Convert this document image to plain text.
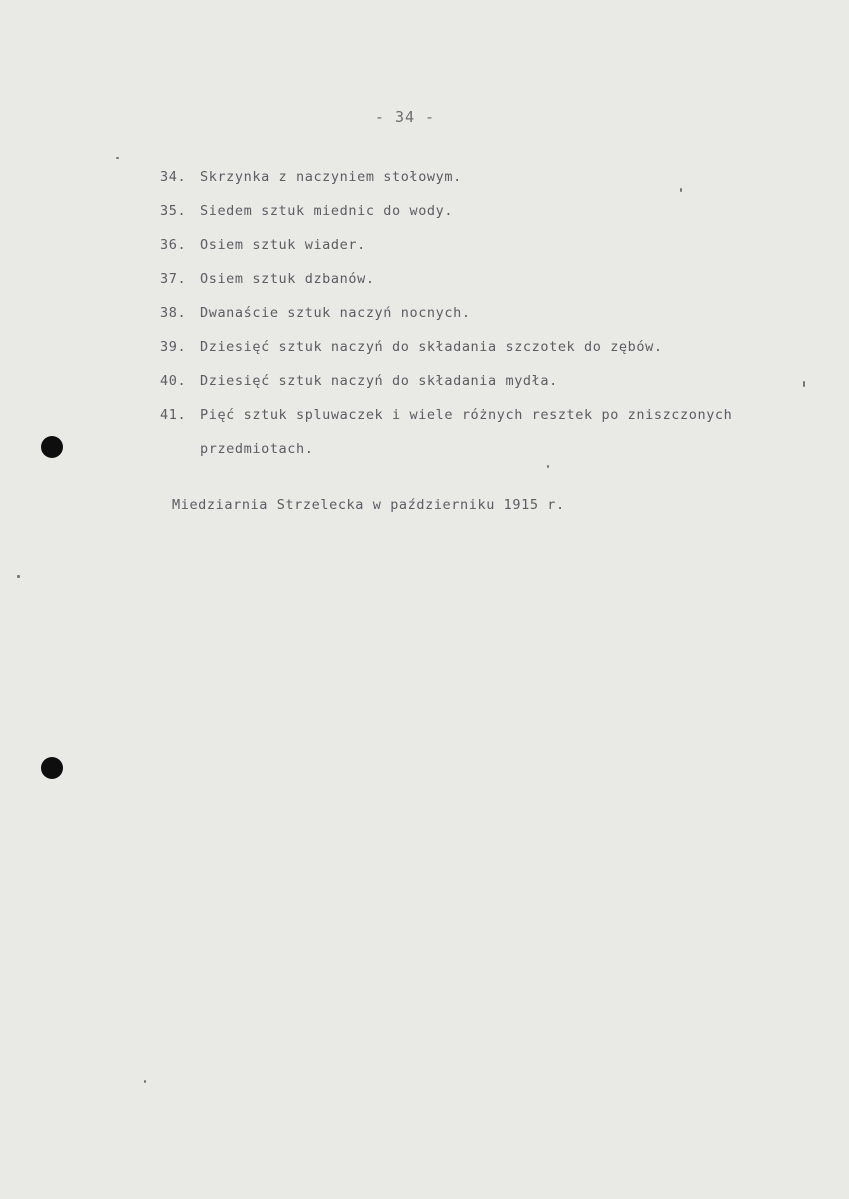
- 34 -
34.	Skrzynka z naczyniem stołowym.
35.	Siedem sztuk miednic do wody.
36.	Osiem sztuk wiader.
37.	Osiem sztuk dzbanów.
38.	Dwanaście sztuk naczyń nocnych.
39.	Dziesięć sztuk naczyń do składania szczotek do zębów.
40.	Dziesięć sztuk naczyń do składania mydła.
41.	Pięć sztuk spluwaczek i wiele różnych resztek po zniszczonych przedmiotach.
Miedziarnia Strzelecka w październiku 1915 r.
